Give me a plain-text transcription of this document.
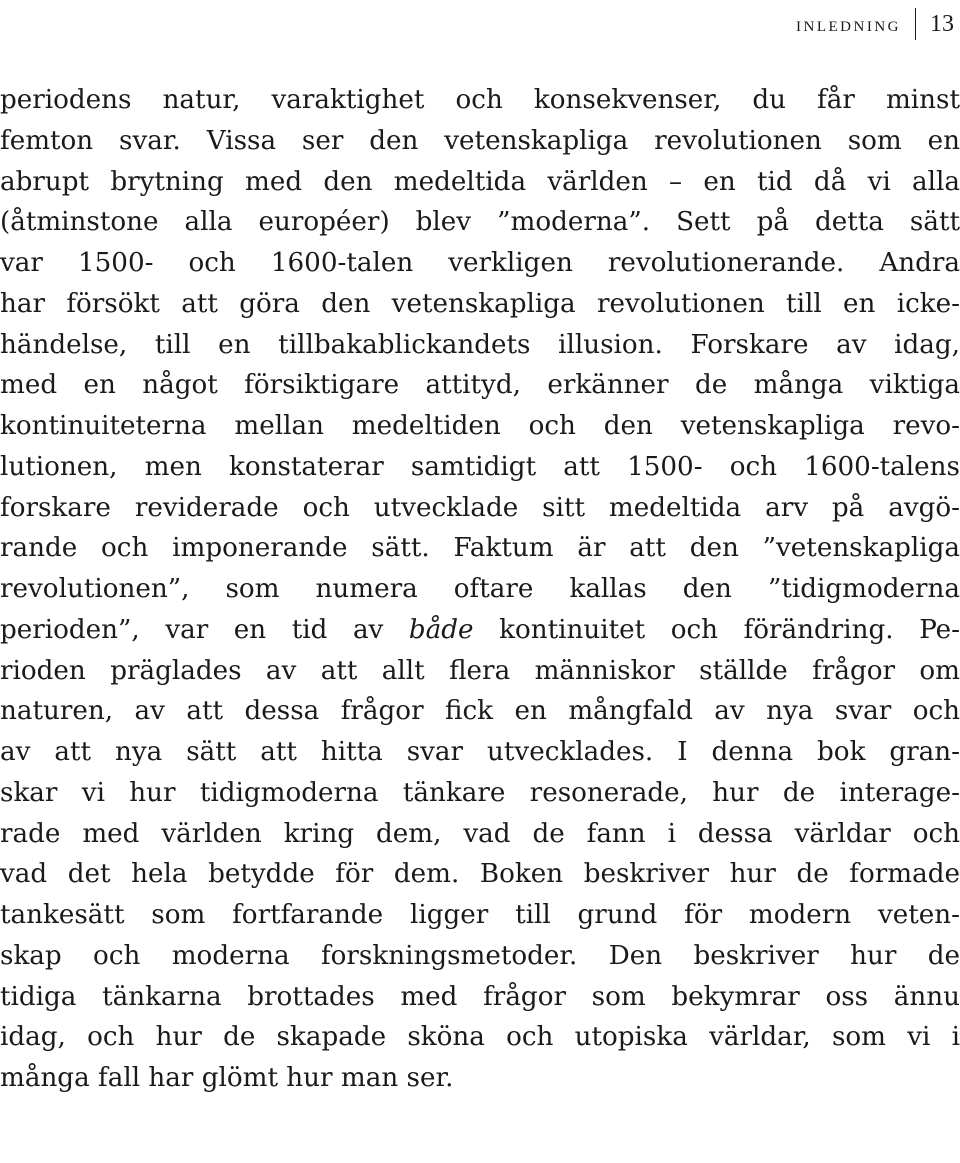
inledning	13
periodens natur, varaktighet och konsekvenser, du får minst
femton svar. Vissa ser den vetenskapliga revolutionen som en
abrupt brytning med den medeltida världen – en tid då vi alla
(åtminstone alla européer) blev ”moderna”. Sett på detta sätt
var 1500- och 1600-talen verkligen revolutionerande. Andra
har försökt att göra den vetenskapliga revolutionen till en icke-
händelse, till en tillbakablickandets illusion. Forskare av idag,
med en något försiktigare attityd, erkänner de många viktiga
kontinuiteterna mellan medeltiden och den vetenskapliga revo-
lutionen, men konstaterar samtidigt att 1500- och 1600-talens
forskare reviderade och utvecklade sitt medeltida arv på avgö-
rande och imponerande sätt. Faktum är att den ”vetenskapliga
revolutionen”, som numera oftare kallas den ”tidigmoderna
perioden”, var en tid av både kontinuitet och förändring. Pe-
rioden präglades av att allt flera människor ställde frågor om
naturen, av att dessa frågor fick en mångfald av nya svar och
av att nya sätt att hitta svar utvecklades. I denna bok gran-
skar vi hur tidigmoderna tänkare resonerade, hur de interage-
rade med världen kring dem, vad de fann i dessa världar och
vad det hela betydde för dem. Boken beskriver hur de formade
tankesätt som fortfarande ligger till grund för modern veten-
skap och moderna forskningsmetoder. Den beskriver hur de
tidiga tänkarna brottades med frågor som bekymrar oss ännu
idag, och hur de skapade sköna och utopiska världar, som vi i
många fall har glömt hur man ser.
